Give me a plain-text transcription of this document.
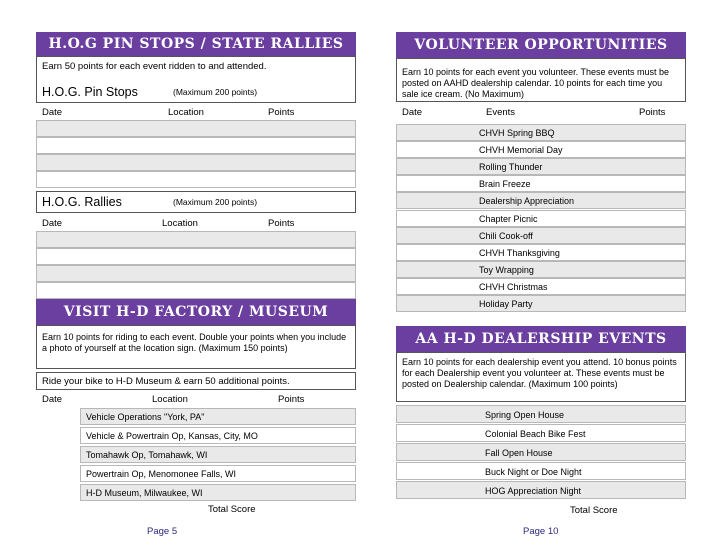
H.O.G PIN STOPS / STATE RALLIES
Earn 50 points for each event ridden to and attended.
H.O.G. Pin Stops	(Maximum 200 points)
Date	Location	Points
H.O.G. Rallies	(Maximum 200 points)
Date	Location	Points
VISIT H-D FACTORY / MUSEUM
Earn 10 points for riding to each event. Double your points when you include a photo of yourself at the location sign. (Maximum 150 points)
Ride your bike to H-D Museum & earn 50 additional points.
Date	Location	Points
Vehicle Operations "York, PA"
Vehicle & Powertrain Op, Kansas, City, MO
Tomahawk Op, Tomahawk, WI
Powertrain Op, Menomonee Falls, WI
H-D Museum, Milwaukee, WI
Total Score
Page 5
VOLUNTEER OPPORTUNITIES
Earn 10 points for each event you volunteer. These events must be posted on AAHD dealership calendar. 10 points for each time you sale ice cream. (No Maximum)
Date	Events	Points
CHVH Spring BBQ
CHVH Memorial Day
Rolling Thunder
Brain Freeze
Dealership Appreciation
Chapter Picnic
Chili Cook-off
CHVH Thanksgiving
Toy Wrapping
CHVH Christmas
Holiday Party
AA H-D DEALERSHIP EVENTS
Earn 10 points for each dealership event you attend. 10 bonus points for each Dealership event you volunteer at. These events must be posted on Dealership calendar. (Maximum 100 points)
Spring Open House
Colonial Beach Bike Fest
Fall Open House
Buck Night or Doe Night
HOG Appreciation Night
Total Score
Page 10
